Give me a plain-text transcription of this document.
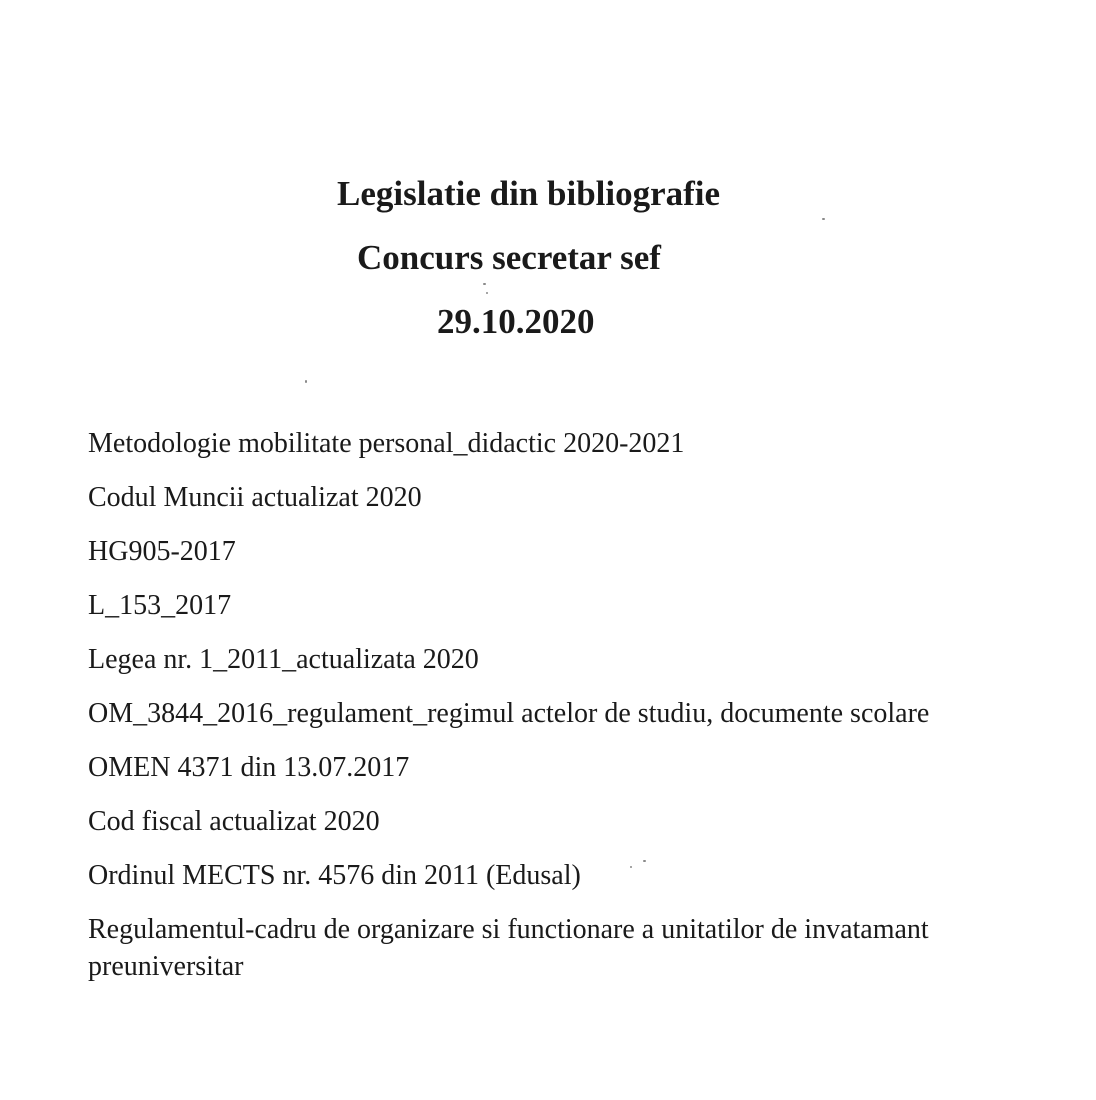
Legislatie din bibliografie
Concurs secretar sef
29.10.2020
Metodologie mobilitate personal_didactic 2020-2021
Codul Muncii actualizat 2020
HG905-2017
L_153_2017
Legea nr. 1_2011_actualizata 2020
OM_3844_2016_regulament_regimul actelor de studiu, documente scolare
OMEN 4371 din 13.07.2017
Cod fiscal actualizat 2020
Ordinul MECTS nr. 4576 din 2011 (Edusal)
Regulamentul-cadru de organizare si functionare a unitatilor de invatamant preuniversitar
